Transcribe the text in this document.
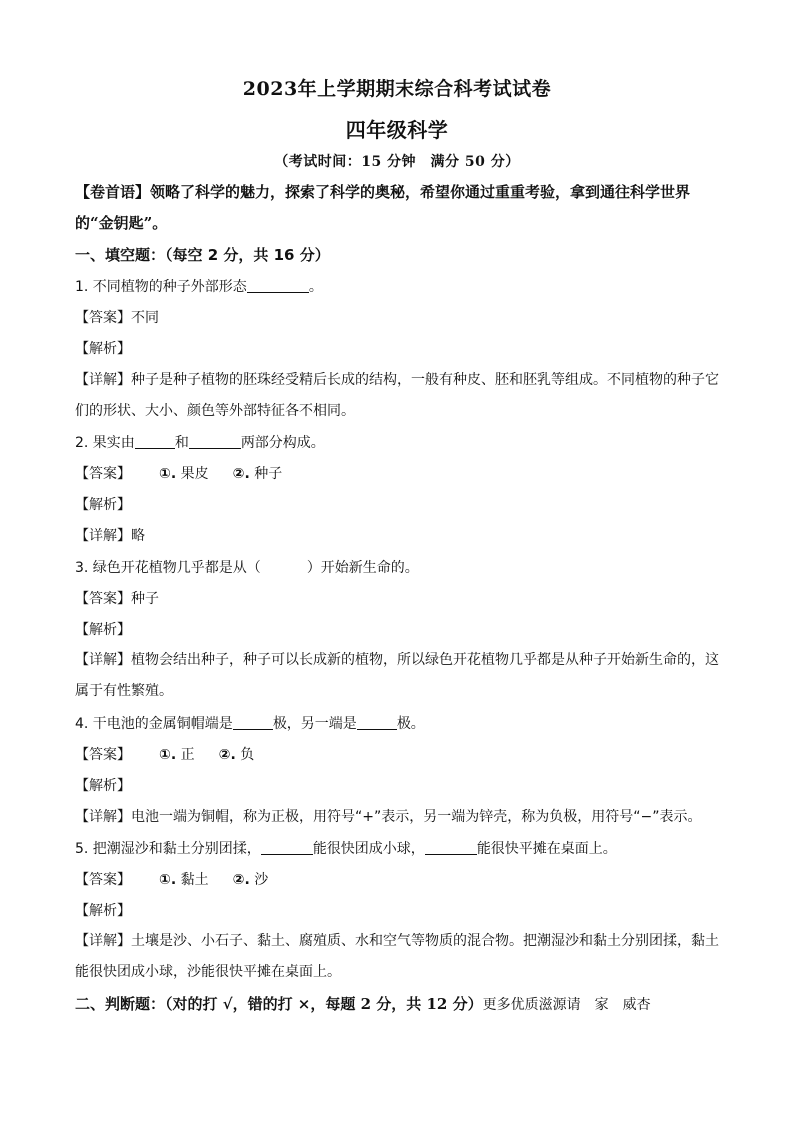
2023年上学期期末综合科考试试卷
四年级科学
（考试时间：15 分钟　满分 50 分）
【卷首语】领略了科学的魅力，探索了科学的奥秘，希望你通过重重考验，拿到通往科学世界的“金钥匙”。
一、填空题：（每空 2 分，共 16 分）
1. 不同植物的种子外部形态	。
【答案】不同
【解析】
【详解】种子是种子植物的胚珠经受精后长成的结构，一般有种皮、胚和胚乳等组成。不同植物的种子它们的形状、大小、颜色等外部特征各不相同。
2. 果实由	和	两部分构成。
【答案】 ①. 果皮 ②. 种子
【解析】
【详解】略
3. 绿色开花植物几乎都是从（	）开始新生命的。
【答案】种子
【解析】
【详解】植物会结出种子，种子可以长成新的植物，所以绿色开花植物几乎都是从种子开始新生命的，这属于有性繁殖。
4. 干电池的金属铜帽端是	极，另一端是	极。
【答案】 ①. 正 ②. 负
【解析】
【详解】电池一端为铜帽，称为正极，用符号“+”表示，另一端为锌壳，称为负极，用符号“−”表示。
5. 把潮湿沙和黏土分别团揉，	能很快团成小球，	能很快平摊在桌面上。
【答案】 ①. 黏土 ②. 沙
【解析】
【详解】土壤是沙、小石子、黏土、腐殖质、水和空气等物质的混合物。把潮湿沙和黏土分别团揉，黏土能很快团成小球，沙能很快平摊在桌面上。
二、判断题：（对的打 √，错的打 ×，每题 2 分，共 12 分）更多优质滋源请　家　威杏
